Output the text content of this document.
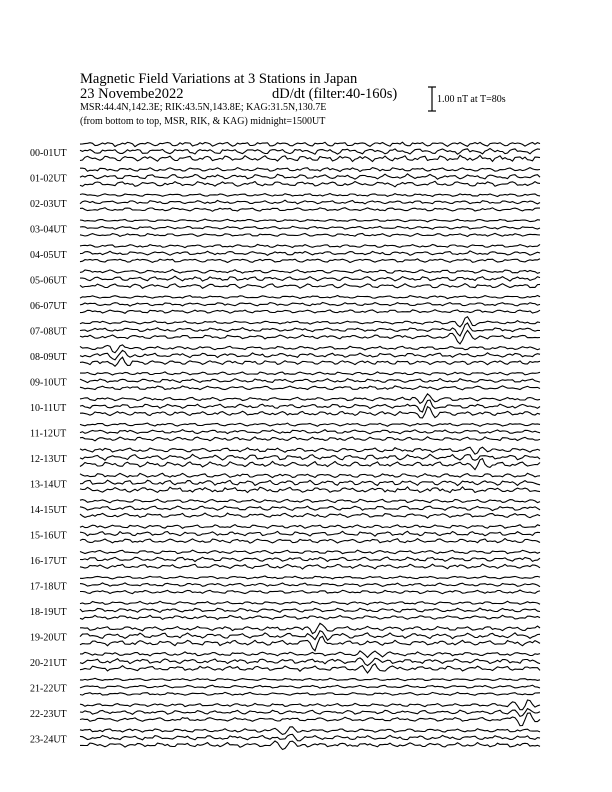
Magnetic Field Variations at 3 Stations in Japan
23 Novembe2022	dD/dt (filter:40-160s)
MSR:44.4N,142.3E; RIK:43.5N,143.8E; KAG:31.5N,130.7E
(from bottom to top, MSR, RIK, & KAG) midnight=1500UT
1.00 nT at T=80s
00-01UT
01-02UT
02-03UT
03-04UT
04-05UT
05-06UT
06-07UT
07-08UT
08-09UT
09-10UT
10-11UT
11-12UT
12-13UT
13-14UT
14-15UT
15-16UT
16-17UT
17-18UT
18-19UT
19-20UT
20-21UT
21-22UT
22-23UT
23-24UT
